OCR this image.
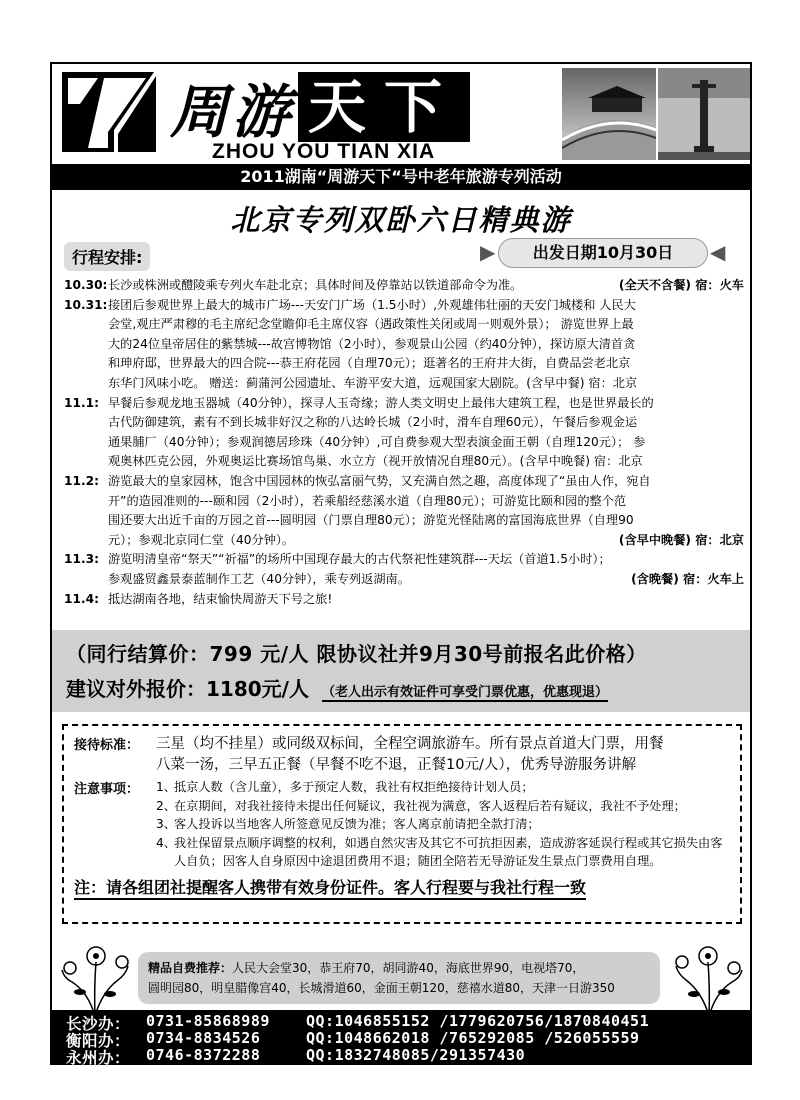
周游 天下
ZHOU YOU TIAN XIA
2011湖南“周游天下“号中老年旅游专列活动
北京专列双卧六日精典游
行程安排:	▶	出发日期10月30日	◀
10.30: 长沙或株洲或醴陵乘专列火车赴北京；具体时间及停靠站以铁道部命令为准。	(全天不含餐) 宿：火车
10.31: 接团后参观世界上最大的城市广场---天安门广场（1.5小时）,外观雄伟壮丽的天安门城楼和 人民大
会堂,观庄严肃穆的毛主席纪念堂瞻仰毛主席仪容（遇政策性关闭或周一则观外景）； 游览世界上最
大的24位皇帝居住的紫禁城---故宫博物馆（2小时），参观景山公园（约40分钟），探访原大清首贪
和珅府邸，世界最大的四合院---恭王府花园（自理70元）；逛著名的王府井大街，自费品尝老北京
东华门风味小吃。 赠送：蓟蒲河公园遗址、车游平安大道，远观国家大剧院。(含早中餐) 宿：北京
11.1: 早餐后参观龙地玉器城（40分钟），探寻人玉奇缘；游人类文明史上最伟大建筑工程，也是世界最长的
古代防御建筑，素有不到长城非好汉之称的八达岭长城（2小时，滑车自理60元），午餐后参观金运
通果脯厂（40分钟）；参观润德居珍珠（40分钟）,可自费参观大型表演金面王朝（自理120元）； 参
观奥林匹克公园，外观奥运比赛场馆鸟巢、水立方（视开放情况自理80元）。(含早中晚餐) 宿：北京
11.2: 游览最大的皇家园林，饱含中国园林的恢弘富丽气势，又充满自然之趣，高度体现了“虽由人作，宛自
开”的造园准则的---颐和园（2小时），若乘船经慈溪水道（自理80元）；可游览比颐和园的整个范
围还要大出近千亩的万园之首---圆明园（门票自理80元）；游览光怪陆离的富国海底世界（自理90
元）；参观北京同仁堂（40分钟）。	(含早中晚餐) 宿：北京
11.3: 游览明清皇帝“祭天”“祈福”的场所中国现存最大的古代祭祀性建筑群---天坛（首道1.5小时）；
参观盛贸鑫景泰蓝制作工艺（40分钟），乘专列返湖南。	(含晚餐) 宿：火车上
11.4: 抵达湖南各地，结束愉快周游天下号之旅!
（同行结算价：799 元/人 限协议社并9月30号前报名此价格）
建议对外报价：1180元/人 （老人出示有效证件可享受门票优惠，优惠现退）
接待标准：	三星（均不挂星）或同级双标间，全程空调旅游车。所有景点首道大门票，用餐
八菜一汤，三早五正餐（早餐不吃不退，正餐10元/人），优秀导游服务讲解
注意事项：	1、
抵京人数（含儿童），多于预定人数，我社有权拒绝接待计划人员；
2、
在京期间，对我社接待未提出任何疑议，我社视为满意，客人返程后若有疑议，我社不予处理；
3、
客人投诉以当地客人所签意见反馈为准；客人离京前请把全款打清；
4、
我社保留景点顺序调整的权利，如遇自然灾害及其它不可抗拒因素，造成游客延误行程或其它损失由客人自负；因客人自身原因中途退团费用不退；随团全陪若无导游证发生景点门票费用自理。
注：请各组团社提醒客人携带有效身份证件。客人行程要与我社行程一致
精品自费推荐：人民大会堂30，恭王府70，胡同游40，海底世界90，电视塔70，
圆明园80，明皇腊像宫40，长城滑道60，金面王朝120，慈禧水道80，天津一日游350
长沙办：	0731-85868989	QQ:1046855152 /1779620756/1870840451
衡阳办：	0734-8834526	QQ:1048662018 /765292085 /526055559
永州办：	0746-8372288	QQ:1832748085/291357430
